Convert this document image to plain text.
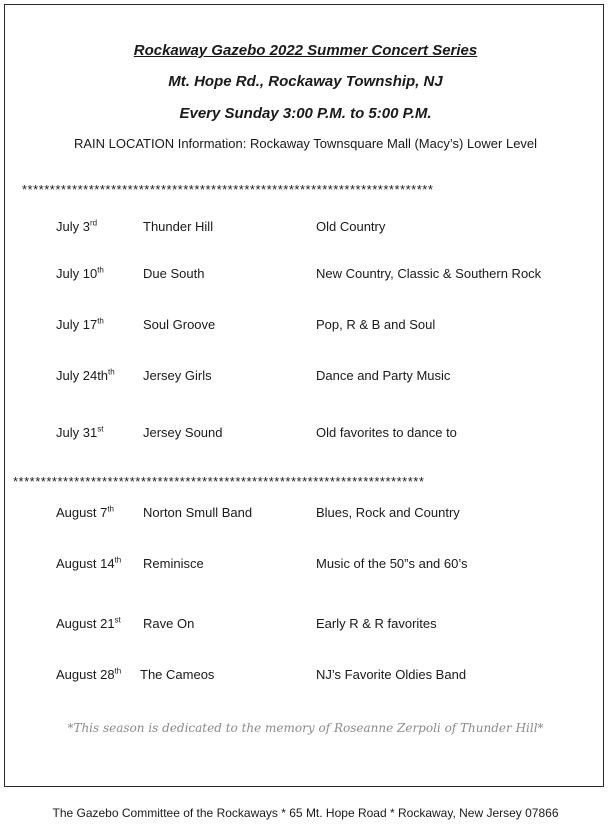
Rockaway Gazebo 2022 Summer Concert Series
Mt. Hope Rd., Rockaway Township, NJ
Every Sunday 3:00 P.M. to 5:00 P.M.
RAIN LOCATION Information: Rockaway Townsquare Mall (Macy’s) Lower Level
**************************************************************************
July 3rd	Thunder Hill	Old Country
July 10th	Due South	New Country, Classic & Southern Rock
July 17th	Soul Groove	Pop, R & B and Soul
July $24th^{th}$ Jersey Girls	Dance and Party Music
July 31st	Jersey Sound	Old favorites to dance to
**************************************************************************
August 7th Norton Smull Band	Blues, Rock and Country
August 14th Reminisce	Music of the 50”s and 60’s
August 21st Rave On	Early R & R favorites
August 28th The Cameos	NJ’s Favorite Oldies Band
*This season is dedicated to the memory of Roseanne Zerpoli of Thunder Hill*
The Gazebo Committee of the Rockaways * 65 Mt. Hope Road * Rockaway, New Jersey 07866
